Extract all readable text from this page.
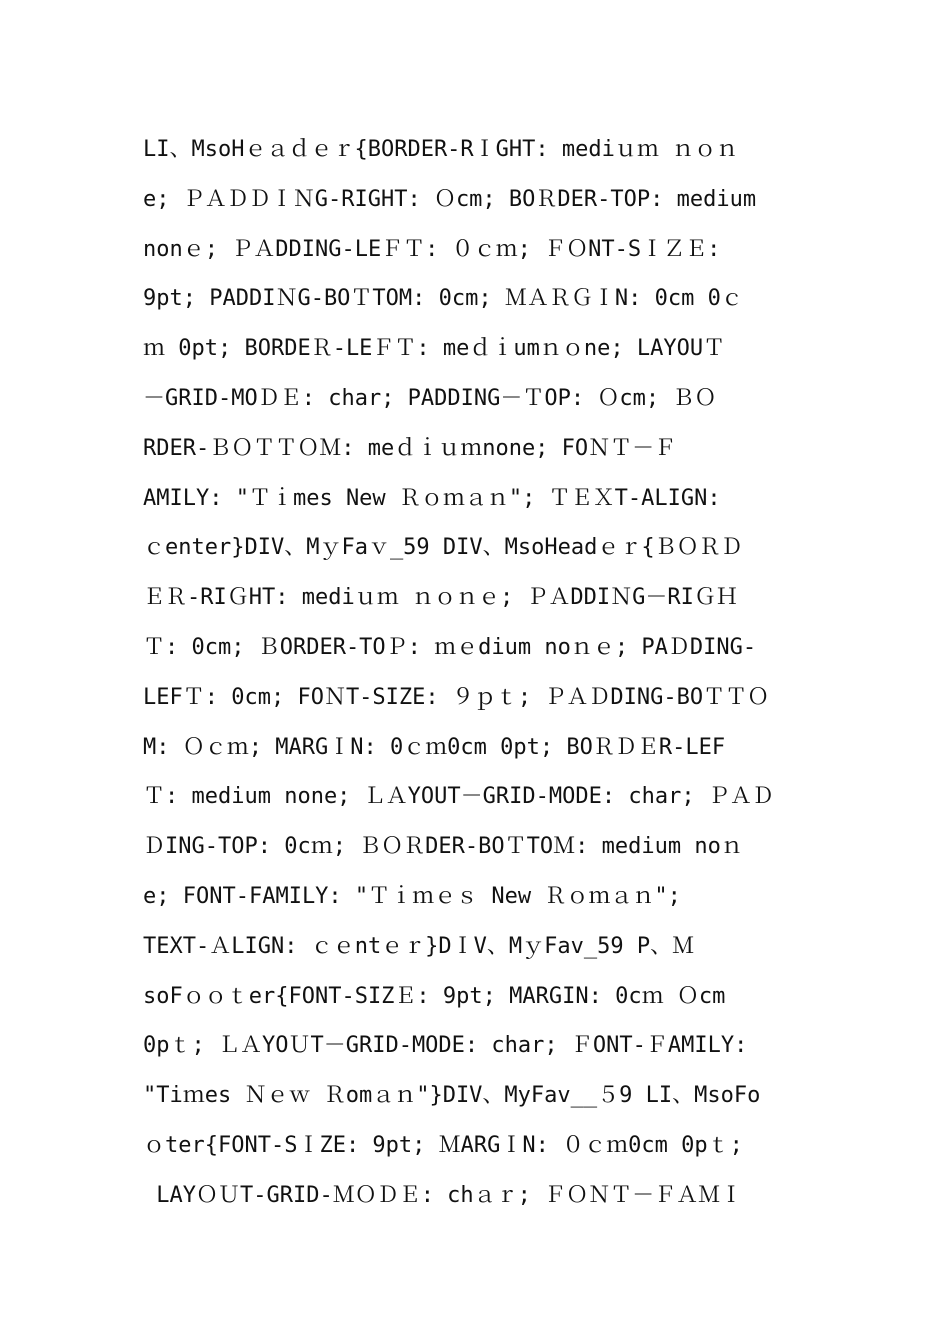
LI、MsoHｅａｄｅｒ{BORDER-RＩGHT: mediｕｍ ｎｏｎ
e; ＰＡＤＤＩＮG-RIGHT: Ｏcm; BOＲDER-TOP: medium
nonｅ; ＰＡDDING-LEＦＴ: ０ｃｍ; ＦＯNT-SＩＺＥ:
9pt; PADDIＮG-BOＴTOM: 0cm; ＭＡＲＧＩN: 0cm 0ｃ
ｍ 0pt; BORDEＲ-LEＦＴ: meｄｉumｎｏne; LAYOUＴ
－GRID-MOＤＥ: char; PADDING－ＴOP: Ｏcm; ＢＯ
RDER-ＢＯＴＴＯＭ: meｄｉｕｍnone; FOＮＴ－Ｆ
AMILY: "Ｔｉmes New Ｒｏｍａｎ"; ＴＥＸT-ALIGN:
ｃenter}DIV、MｙFaｖ_59 DIV、MsoHeadｅｒ{ＢＯＲＤ
ＥＲ-RIＧHT: mediｕｍ ｎｏｎｅ; ＰＡDDIＮG－RIＧＨ
Ｔ: 0cm; ＢORDER-TOＰ: ｍｅdium noｎｅ; PAＤDING-
LEFＴ: 0cm; FOＮT-SIZE: ９ｐｔ; ＰＡＤDING-BOＴＴＯ
M: Ｏｃｍ; MARGＩN: 0ｃｍ0cm 0pt; BOＲＤＥR-LEF
Ｔ: medium none; ＬＡYOUT－GRID-MODE: char; ＰＡＤ
ＤING-TOP: 0cｍ; ＢＯＲDER-BOＴTOＭ: medium noｎ
e; FONT-FAMILY: "Ｔｉｍｅｓ New Ｒｏｍａｎ";
TEXT-ＡLIGN: ｃｅntｅｒ}DＩV、MｙFav_59 P、Ｍ
soFｏｏｔer{FONT-SIZＥ: 9pt; MARGIN: 0cｍ Ｏcm
0pｔ; ＬＡYOＵT－GRID-MODE: char; ＦONT-ＦAMILY:
"Tiｍes Ｎｅｗ Ｒomａｎ"}DIV、MyFav__５9 LI、MsoFo
ｏter{FONT-SＩZE: 9pt; ＭARGＩN: ０ｃｍ0cm 0pｔ;
LAYＯＵT-GRID-ＭＯＤＥ: chａｒ; ＦＯＮＴ－ＦＡＭＩ
